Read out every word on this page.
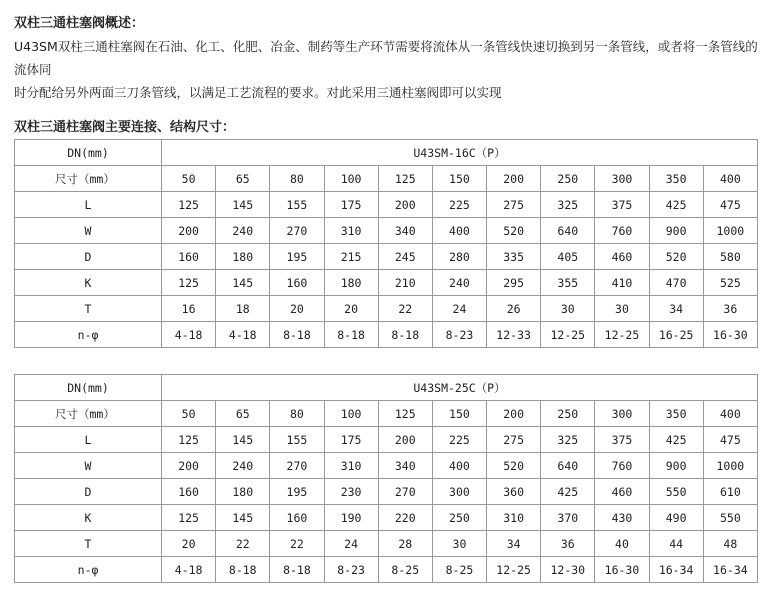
双柱三通柱塞阀概述：
U43SM双柱三通柱塞阀在石油、化工、化肥、冶金、制药等生产环节需要将流体从一条管线快速切换到另一条管线，或者将一条管线的流体同
时分配给另外两面三刀条管线，以满足工艺流程的要求。对此采用三通柱塞阀即可以实现
双柱三通柱塞阀主要连接、结构尺寸：
DN(mm)	U43SM-16C（P）										
尺寸（mm）	50	65	80	100	125	150	200	250	300	350	400
L	125	145	155	175	200	225	275	325	375	425	475
W	200	240	270	310	340	400	520	640	760	900	1000
D	160	180	195	215	245	280	335	405	460	520	580
K	125	145	160	180	210	240	295	355	410	470	525
T	16	18	20	20	22	24	26	30	30	34	36
n-φ	4-18	4-18	8-18	8-18	8-18	8-23	12-33	12-25	12-25	16-25	16-30
DN(mm)	U43SM-25C（P）										
尺寸（mm）	50	65	80	100	125	150	200	250	300	350	400
L	125	145	155	175	200	225	275	325	375	425	475
W	200	240	270	310	340	400	520	640	760	900	1000
D	160	180	195	230	270	300	360	425	460	550	610
K	125	145	160	190	220	250	310	370	430	490	550
T	20	22	22	24	28	30	34	36	40	44	48
n-φ	4-18	8-18	8-18	8-23	8-25	8-25	12-25	12-30	16-30	16-34	16-34
